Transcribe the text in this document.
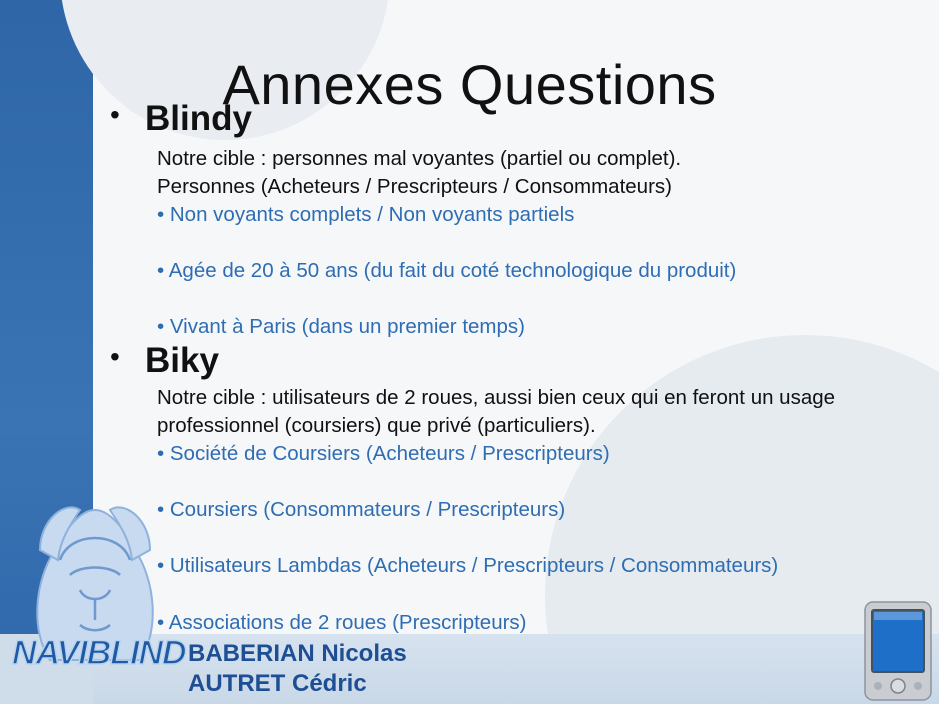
Annexes Questions
• Blindy
Notre cible : personnes mal voyantes (partiel ou complet).
Personnes (Acheteurs / Prescripteurs / Consommateurs)
• Non voyants complets / Non voyants partiels
• Agée de 20 à 50 ans (du fait du coté technologique du produit)
• Vivant à Paris (dans un premier temps)
• Biky
Notre cible : utilisateurs de 2 roues, aussi bien ceux qui en feront un usage
professionnel (coursiers) que privé (particuliers).
• Société de Coursiers (Acheteurs / Prescripteurs)
• Coursiers (Consommateurs / Prescripteurs)
• Utilisateurs Lambdas (Acheteurs / Prescripteurs / Consommateurs)
• Associations de 2 roues (Prescripteurs)
NAVIBLIND BABERIAN Nicolas
AUTRET Cédric
